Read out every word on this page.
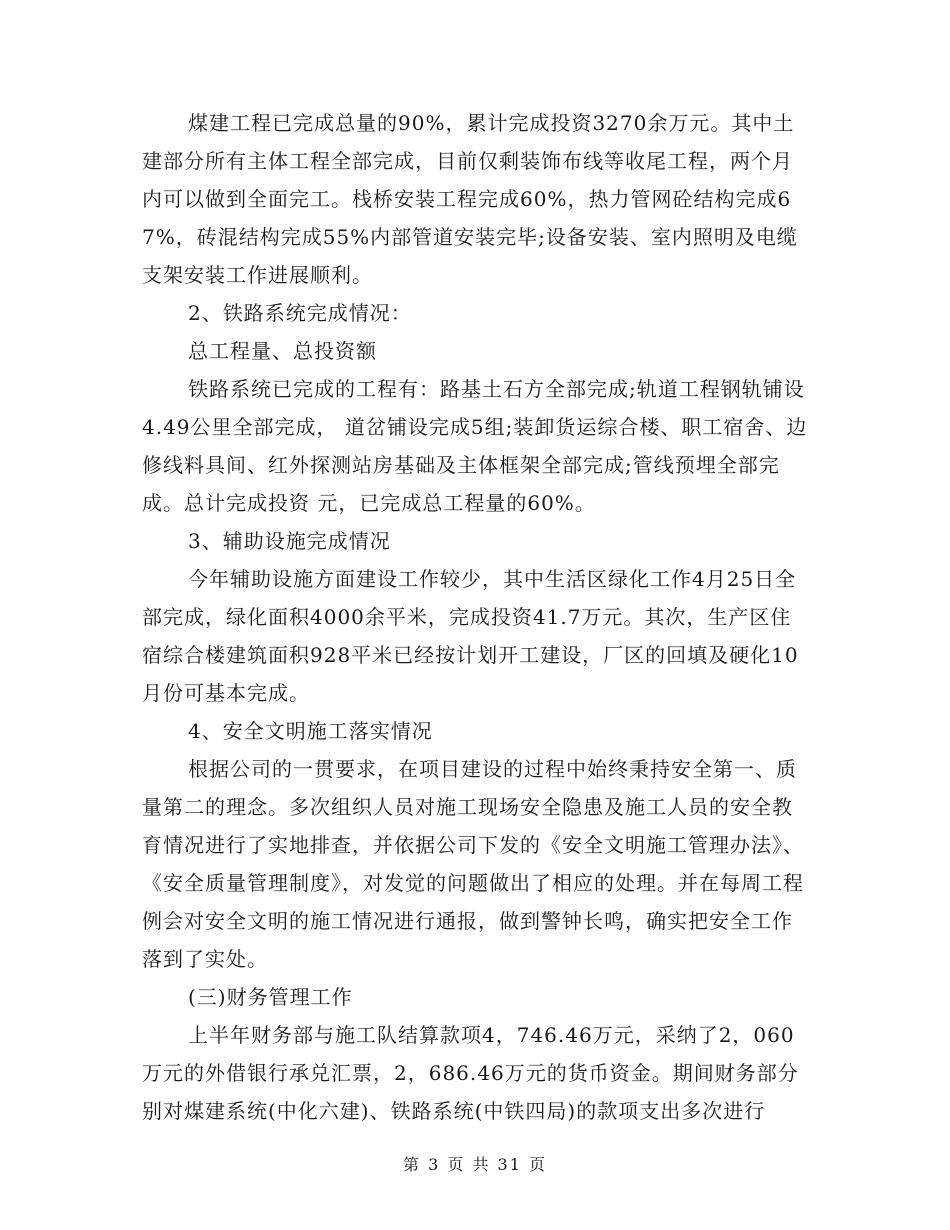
煤建工程已完成总量的90%，累计完成投资3270余万元。其中土建部分所有主体工程全部完成，目前仅剩装饰布线等收尾工程，两个月内可以做到全面完工。栈桥安装工程完成60%，热力管网砼结构完成67%，砖混结构完成55%内部管道安装完毕;设备安装、室内照明及电缆支架安装工作进展顺利。

2、铁路系统完成情况：

总工程量、总投资额

铁路系统已完成的工程有：路基土石方全部完成;轨道工程钢轨铺设4.49公里全部完成， 道岔铺设完成5组;装卸货运综合楼、职工宿舍、边修线料具间、红外探测站房基础及主体框架全部完成;管线预埋全部完成。总计完成投资 元，已完成总工程量的60%。

3、辅助设施完成情况

今年辅助设施方面建设工作较少，其中生活区绿化工作4月25日全部完成，绿化面积4000余平米，完成投资41.7万元。其次，生产区住宿综合楼建筑面积928平米已经按计划开工建设，厂区的回填及硬化10月份可基本完成。

4、安全文明施工落实情况

根据公司的一贯要求，在项目建设的过程中始终秉持安全第一、质量第二的理念。多次组织人员对施工现场安全隐患及施工人员的安全教育情况进行了实地排查，并依据公司下发的《安全文明施工管理办法》、《安全质量管理制度》，对发觉的问题做出了相应的处理。并在每周工程例会对安全文明的施工情况进行通报，做到警钟长鸣，确实把安全工作落到了实处。

(三)财务管理工作

上半年财务部与施工队结算款项4，746.46万元，采纳了2，060万元的外借银行承兑汇票，2，686.46万元的货币资金。期间财务部分别对煤建系统(中化六建)、铁路系统(中铁四局)的款项支出多次进行

第 3 页 共 31 页
